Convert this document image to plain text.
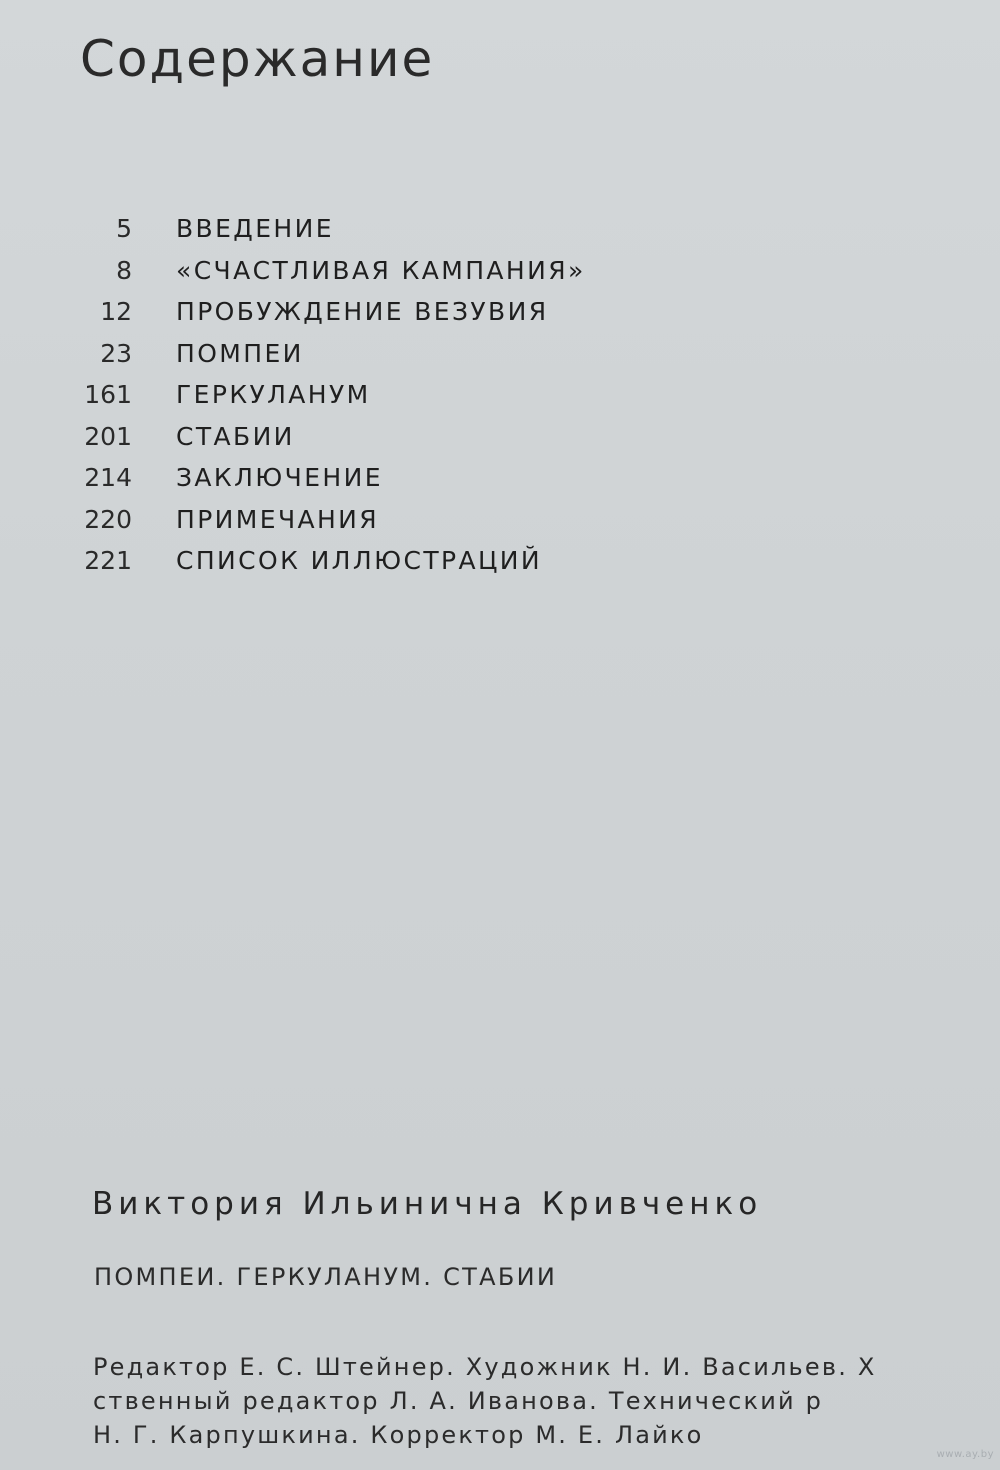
Содержание
5 ВВЕДЕНИЕ
8 «СЧАСТЛИВАЯ КАМПАНИЯ»
12 ПРОБУЖДЕНИЕ ВЕЗУВИЯ
23 ПОМПЕИ
161 ГЕРКУЛАНУМ
201 СТАБИИ
214 ЗАКЛЮЧЕНИЕ
220 ПРИМЕЧАНИЯ
221 СПИСОК ИЛЛЮСТРАЦИЙ
Виктория Ильинична Кривченко
ПОМПЕИ. ГЕРКУЛАНУМ. СТАБИИ
Редактор Е. С. Штейнер. Художник Н. И. Васильев. Х
ственный редактор Л. А. Иванова. Технический р
Н. Г. Карпушкина. Корректор М. Е. Лайко
www.ay.by
